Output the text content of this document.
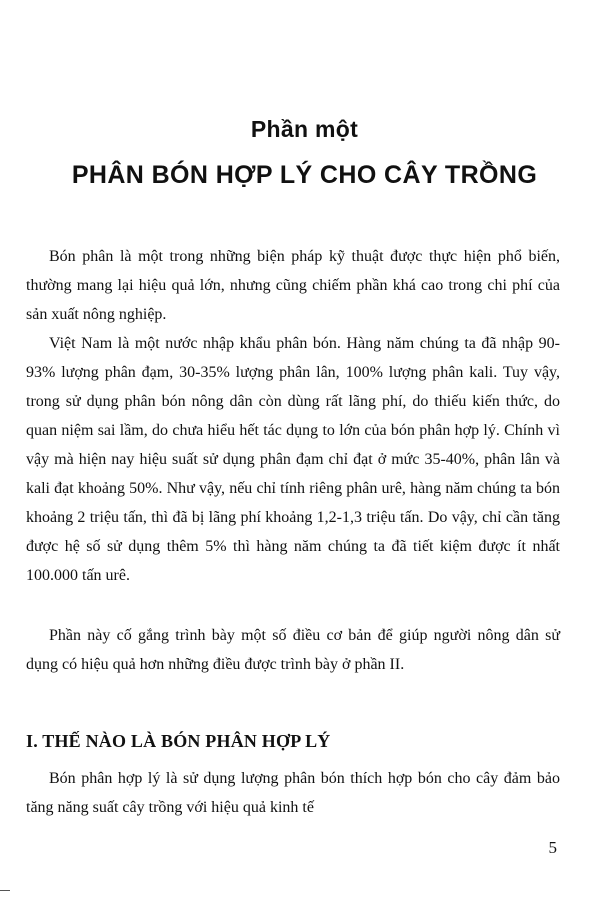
Phần một
PHÂN BÓN HỢP LÝ CHO CÂY TRỒNG

Bón phân là một trong những biện pháp kỹ thuật được thực hiện phổ biến, thường mang lại hiệu quả lớn, nhưng cũng chiếm phần khá cao trong chi phí của sản xuất nông nghiệp.

Việt Nam là một nước nhập khẩu phân bón. Hàng năm chúng ta đã nhập 90-93% lượng phân đạm, 30-35% lượng phân lân, 100% lượng phân kali. Tuy vậy, trong sử dụng phân bón nông dân còn dùng rất lãng phí, do thiếu kiến thức, do quan niệm sai lầm, do chưa hiểu hết tác dụng to lớn của bón phân hợp lý. Chính vì vậy mà hiện nay hiệu suất sử dụng phân đạm chỉ đạt ở mức 35-40%, phân lân và kali đạt khoảng 50%. Như vậy, nếu chỉ tính riêng phân urê, hàng năm chúng ta bón khoảng 2 triệu tấn, thì đã bị lãng phí khoảng 1,2-1,3 triệu tấn. Do vậy, chỉ cần tăng được hệ số sử dụng thêm 5% thì hàng năm chúng ta đã tiết kiệm được ít nhất 100.000 tấn urê.

Phần này cố gắng trình bày một số điều cơ bản để giúp người nông dân sử dụng có hiệu quả hơn những điều được trình bày ở phần II.

I. THẾ NÀO LÀ BÓN PHÂN HỢP LÝ

Bón phân hợp lý là sử dụng lượng phân bón thích hợp bón cho cây đảm bảo tăng năng suất cây trồng với hiệu quả kinh tế

5
